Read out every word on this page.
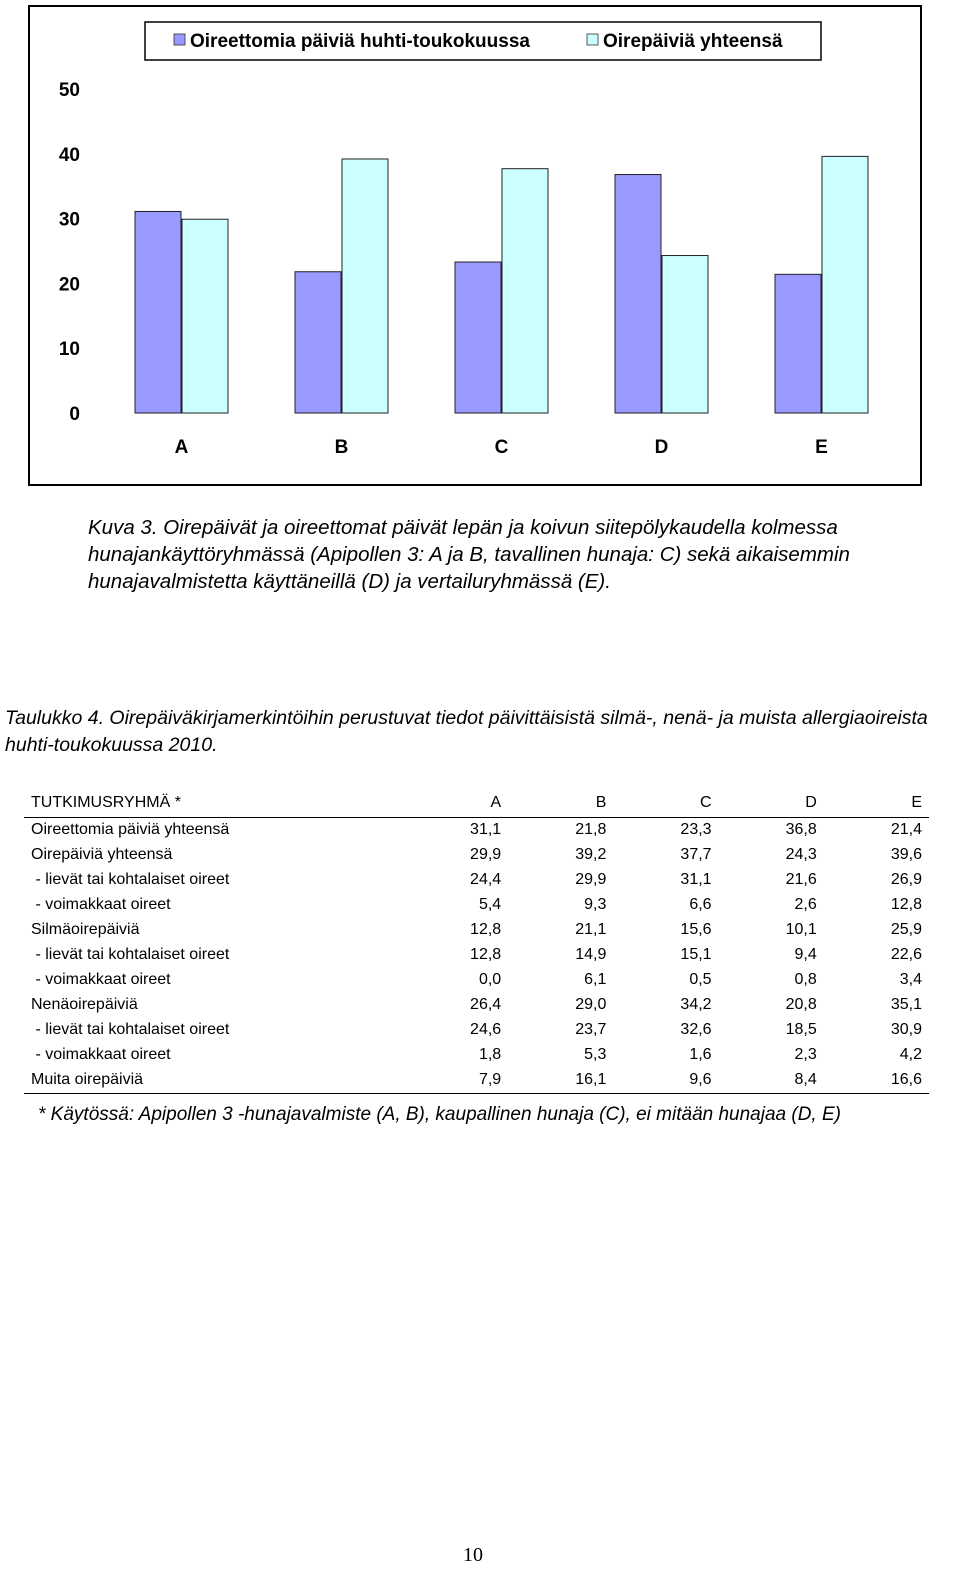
Oireettomia päiviä huhti-toukokuussa	Oirepäiviä yhteensä
0
10
20
30
40
50
A	B	C	D	E

Kuva 3. Oirepäivät ja oireettomat päivät lepän ja koivun siitepölykaudella kolmessa hunajankäyttöryhmässä (Apipollen 3: A ja B, tavallinen hunaja: C) sekä aikaisemmin hunajavalmistetta käyttäneillä (D) ja vertailuryhmässä (E).

Taulukko 4. Oirepäiväkirjamerkintöihin perustuvat tiedot päivittäisistä silmä-, nenä- ja muista allergiaoireista huhti-toukokuussa 2010.

TUTKIMUSRYHMÄ *	A	B	C	D	E
Oireettomia päiviä yhteensä	31,1	21,8	23,3	36,8	21,4
Oirepäiviä yhteensä	29,9	39,2	37,7	24,3	39,6
- lievät tai kohtalaiset oireet	24,4	29,9	31,1	21,6	26,9
- voimakkaat oireet	5,4	9,3	6,6	2,6	12,8
Silmäoirepäiviä	12,8	21,1	15,6	10,1	25,9
- lievät tai kohtalaiset oireet	12,8	14,9	15,1	9,4	22,6
- voimakkaat oireet	0,0	6,1	0,5	0,8	3,4
Nenäoirepäiviä	26,4	29,0	34,2	20,8	35,1
- lievät tai kohtalaiset oireet	24,6	23,7	32,6	18,5	30,9
- voimakkaat oireet	1,8	5,3	1,6	2,3	4,2
Muita oirepäiviä	7,9	16,1	9,6	8,4	16,6

* Käytössä: Apipollen 3 -hunajavalmiste (A, B), kaupallinen hunaja (C), ei mitään hunajaa (D, E)

10
